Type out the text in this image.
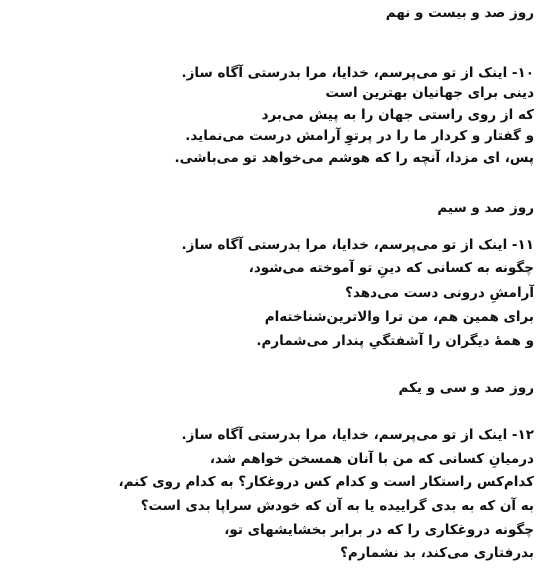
روز صد و بیست و نهم
۱۰- اینک از تو می‌پرسم، خدایا، مرا بدرستی آگاه ساز.
دینی برای جهانیان بهترین است
که از روی راستی جهان را به پیش می‌برد
و گفتار و کردار ما را در پرتوِ آرامش درست می‌نماید.
پس، ای مزدا، آنچه را که هوشم می‌خواهد تو می‌باشی.
روز صد و سیم
۱۱- اینک از تو می‌پرسم، خدایا، مرا بدرستی آگاه ساز.
چگونه به کسانی که دینِ تو آموخته می‌شود،
آرامشِ درونی دست می‌دهد؟
برای همین هم، من ترا والاترین‌شناخته‌ام
و همهٔ دیگران را آشفتگیِ پندار می‌شمارم.
روز صد و سی و یکم
۱۲- اینک از تو می‌پرسم، خدایا، مرا بدرستی آگاه ساز.
درمیانِ کسانی که من با آنان همسخن خواهم شد،
کدام‌کس راستکار است و کدام کس دروغکار؟ به کدام روی کنم،
به آن که به بدی گراییده یا به آن که خودش سراپا بدی است؟
چگونه دروغکاری را که در برابر بخشایشهای تو،
بدرفتاری می‌کند، بد نشمارم؟
